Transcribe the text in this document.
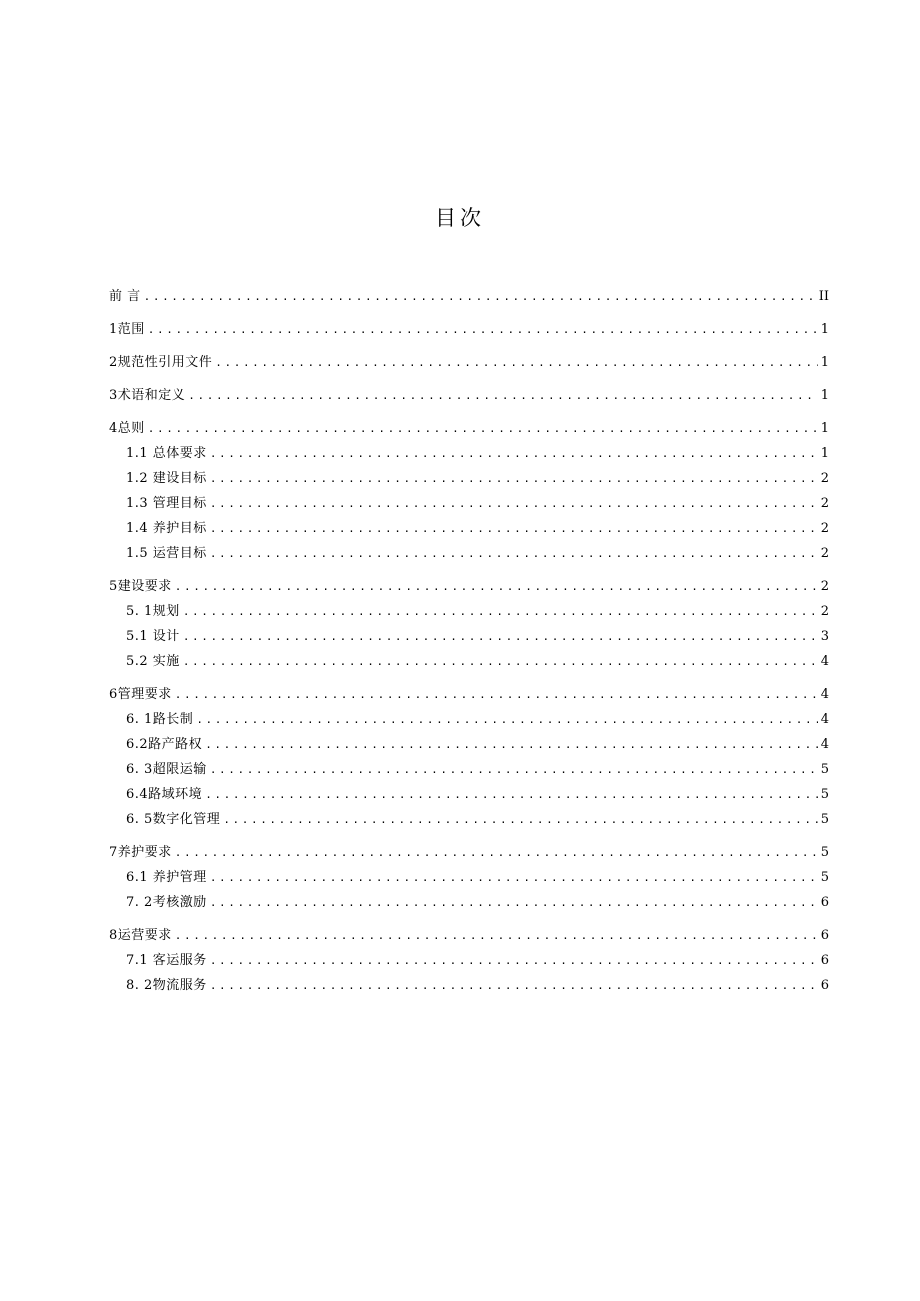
目次
前 言 .....	II
1范围 .....	1
2规范性引用文件 .....	1
3术语和定义 .....	1
4总则 .....	1
1.1 总体要求 .....	1
1.2 建设目标 .....	2
1.3 管理目标 .....	2
1.4 养护目标 .....	2
1.5 运营目标 .....	2
5建设要求 .....	2
5. 1规划 .....	2
5.1 设计 .....	3
5.2 实施 .....	4
6管理要求 .....	4
6. 1路长制 .....	4
6.2路产路权 .....	4
6. 3超限运输 .....	5
6.4路域环境 .....	5
6. 5数字化管理 .....	5
7养护要求 .....	5
6.1 养护管理 .....	5
7. 2考核激励 .....	6
8运营要求 .....	6
7.1 客运服务 .....	6
8. 2物流服务 .....	6
